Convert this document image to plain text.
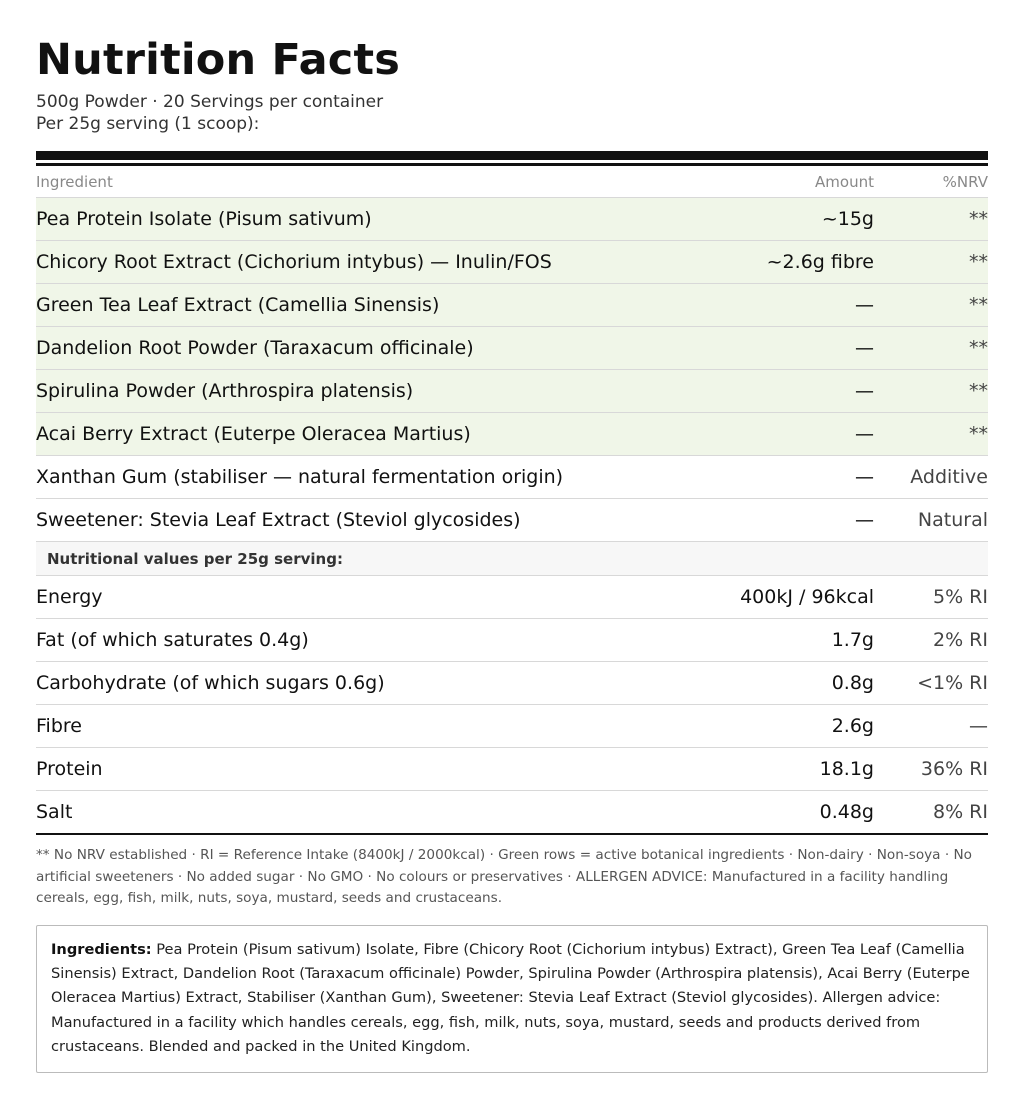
Nutrition Facts
500g Powder · 20 Servings per container
Per 25g serving (1 scoop):
Ingredient	Amount	%NRV
Pea Protein Isolate (Pisum sativum)	~15g	**
Chicory Root Extract (Cichorium intybus) — Inulin/FOS	~2.6g fibre	**
Green Tea Leaf Extract (Camellia Sinensis)	—	**
Dandelion Root Powder (Taraxacum officinale)	—	**
Spirulina Powder (Arthrospira platensis)	—	**
Acai Berry Extract (Euterpe Oleracea Martius)	—	**
Xanthan Gum (stabiliser — natural fermentation origin)	—	Additive
Sweetener: Stevia Leaf Extract (Steviol glycosides)	—	Natural
Nutritional values per 25g serving:		
Energy	400kJ / 96kcal	5% RI
Fat (of which saturates 0.4g)	1.7g	2% RI
Carbohydrate (of which sugars 0.6g)	0.8g	<1% RI
Fibre	2.6g	—
Protein	18.1g	36% RI
Salt	0.48g	8% RI
** No NRV established · RI = Reference Intake (8400kJ / 2000kcal) · Green rows = active botanical ingredients · Non-dairy · Non-soya · No artificial sweeteners · No added sugar · No GMO · No colours or preservatives · ALLERGEN ADVICE: Manufactured in a facility handling cereals, egg, fish, milk, nuts, soya, mustard, seeds and crustaceans.
Ingredients: Pea Protein (Pisum sativum) Isolate, Fibre (Chicory Root (Cichorium intybus) Extract), Green Tea Leaf (Camellia Sinensis) Extract, Dandelion Root (Taraxacum officinale) Powder, Spirulina Powder (Arthrospira platensis), Acai Berry (Euterpe Oleracea Martius) Extract, Stabiliser (Xanthan Gum), Sweetener: Stevia Leaf Extract (Steviol glycosides). Allergen advice: Manufactured in a facility which handles cereals, egg, fish, milk, nuts, soya, mustard, seeds and products derived from crustaceans. Blended and packed in the United Kingdom.
